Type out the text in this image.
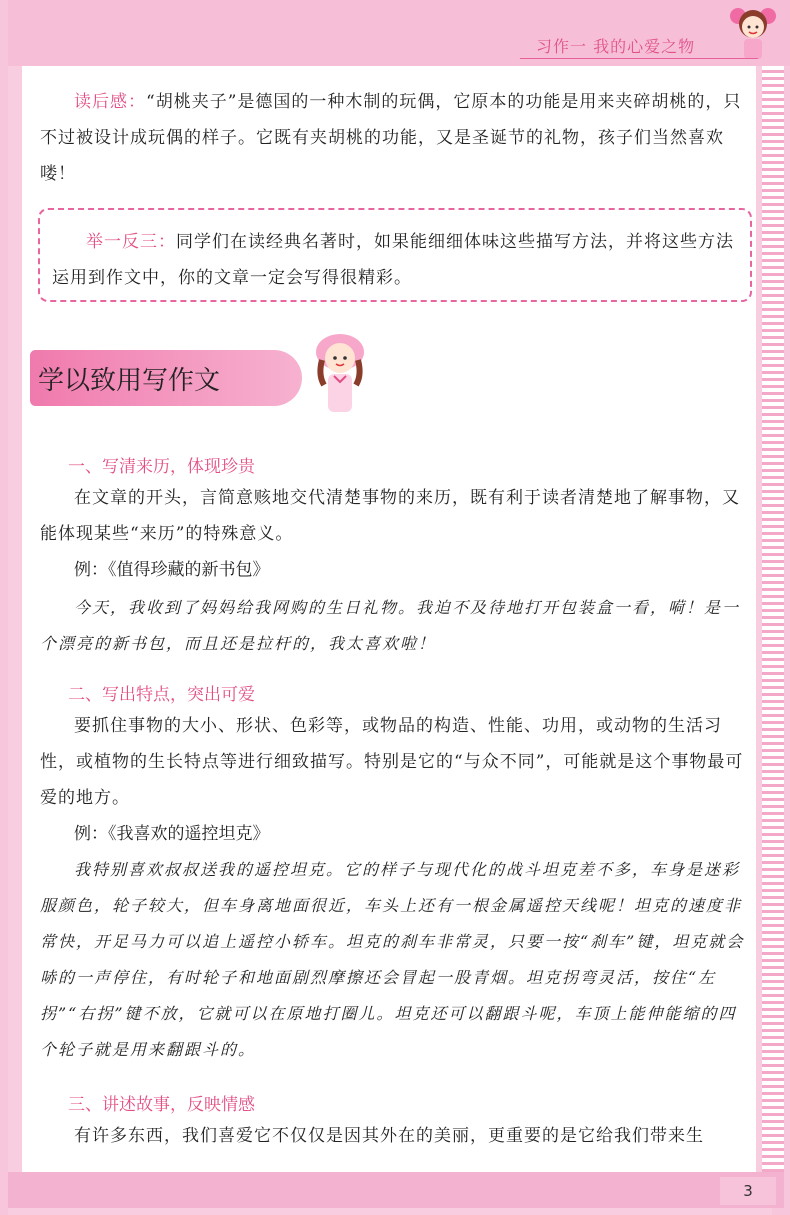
习作一 我的心爱之物

读后感：“胡桃夹子”是德国的一种木制的玩偶，它原本的功能是用来夹碎胡桃的，只不过被设计成玩偶的样子。它既有夹胡桃的功能，又是圣诞节的礼物，孩子们当然喜欢喽！

举一反三：同学们在读经典名著时，如果能细细体味这些描写方法，并将这些方法运用到作文中，你的文章一定会写得很精彩。

学以致用写作文
一、写清来历，体现珍贵

在文章的开头，言简意赅地交代清楚事物的来历，既有利于读者清楚地了解事物，又能体现某些“来历”的特殊意义。

例：《值得珍藏的新书包》

今天，我收到了妈妈给我网购的生日礼物。我迫不及待地打开包装盒一看，嗬！是一个漂亮的新书包，而且还是拉杆的，我太喜欢啦！

二、写出特点，突出可爱

要抓住事物的大小、形状、色彩等，或物品的构造、性能、功用，或动物的生活习性，或植物的生长特点等进行细致描写。特别是它的“与众不同”，可能就是这个事物最可爱的地方。

例：《我喜欢的遥控坦克》

我特别喜欢叔叔送我的遥控坦克。它的样子与现代化的战斗坦克差不多，车身是迷彩服颜色，轮子较大，但车身离地面很近，车头上还有一根金属遥控天线呢！坦克的速度非常快，开足马力可以追上遥控小轿车。坦克的刹车非常灵，只要一按“刹车”键，坦克就会哧的一声停住，有时轮子和地面剧烈摩擦还会冒起一股青烟。坦克拐弯灵活，按住“左拐”“右拐”键不放，它就可以在原地打圈儿。坦克还可以翻跟斗呢，车顶上能伸能缩的四个轮子就是用来翻跟斗的。

三、讲述故事，反映情感

有许多东西，我们喜爱它不仅仅是因其外在的美丽，更重要的是它给我们带来生

3
